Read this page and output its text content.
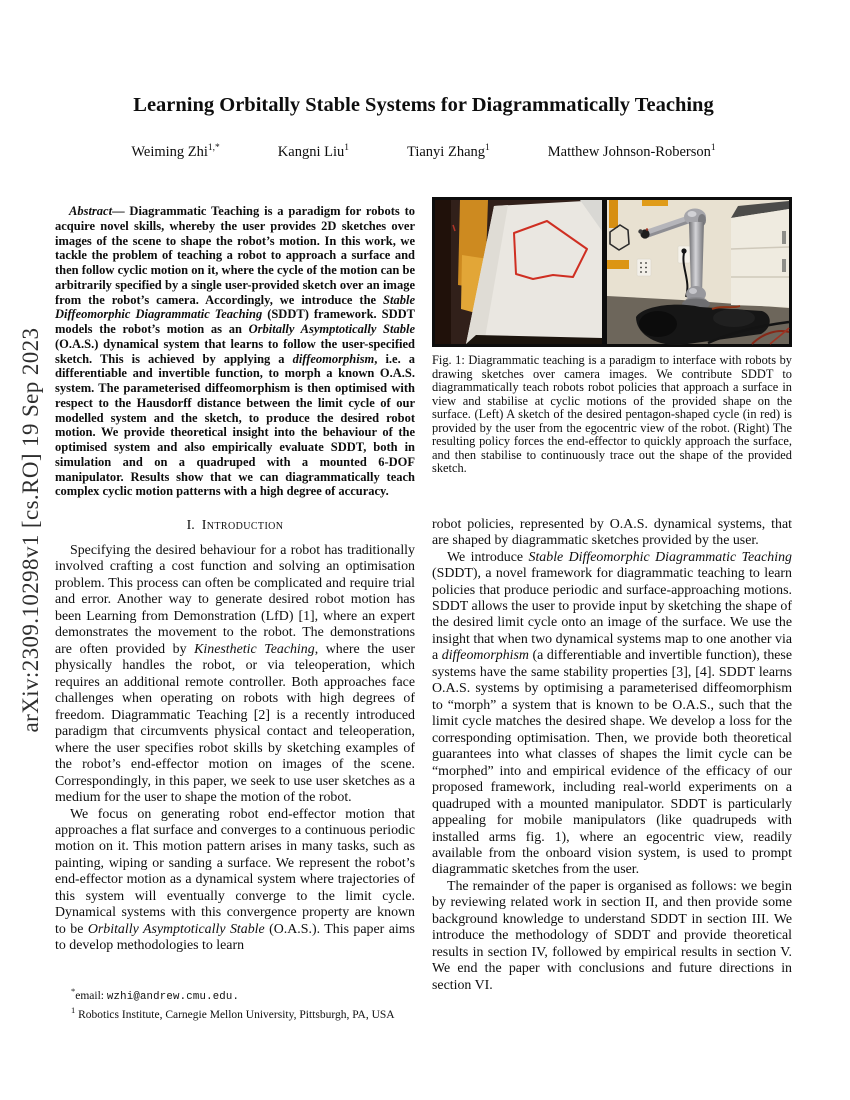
arXiv:2309.10298v1 [cs.RO] 19 Sep 2023
Learning Orbitally Stable Systems for Diagrammatically Teaching
Weiming Zhi$^{1,*}$	Kangni Liu$^1$	Tianyi Zhang$^1$	Matthew Johnson-Roberson$^1$

Abstract— Diagrammatic Teaching is a paradigm for robots to acquire novel skills, whereby the user provides 2D sketches over images of the scene to shape the robot’s motion. In this work, we tackle the problem of teaching a robot to approach a surface and then follow cyclic motion on it, where the cycle of the motion can be arbitrarily specified by a single user-provided sketch over an image from the robot’s camera. Accordingly, we introduce the Stable Diffeomorphic Diagrammatic Teaching (SDDT) framework. SDDT models the robot’s motion as an Orbitally Asymptotically Stable (O.A.S.) dynamical system that learns to follow the user-specified sketch. This is achieved by applying a diffeomorphism, i.e. a differentiable and invertible function, to morph a known O.A.S. system. The parameterised diffeomorphism is then optimised with respect to the Hausdorff distance between the limit cycle of our modelled system and the sketch, to produce the desired robot motion. We provide theoretical insight into the behaviour of the optimised system and also empirically evaluate SDDT, both in simulation and on a quadruped with a mounted 6-DOF manipulator. Results show that we can diagrammatically teach complex cyclic motion patterns with a high degree of accuracy.

I. Introduction

Specifying the desired behaviour for a robot has traditionally involved crafting a cost function and solving an optimisation problem. This process can often be complicated and require trial and error. Another way to generate desired robot motion has been Learning from Demonstration (LfD) [1], where an expert demonstrates the movement to the robot. The demonstrations are often provided by Kinesthetic Teaching, where the user physically handles the robot, or via teleoperation, which requires an additional remote controller. Both approaches face challenges when operating on robots with high degrees of freedom. Diagrammatic Teaching [2] is a recently introduced paradigm that circumvents physical contact and teleoperation, where the user specifies robot skills by sketching examples of the robot’s end-effector motion on images of the scene. Correspondingly, in this paper, we seek to use user sketches as a medium for the user to shape the motion of the robot.

We focus on generating robot end-effector motion that approaches a flat surface and converges to a continuous periodic motion on it. This motion pattern arises in many tasks, such as painting, wiping or sanding a surface. We represent the robot’s end-effector motion as a dynamical system where trajectories of this system will eventually converge to the limit cycle. Dynamical systems with this convergence property are known to be Orbitally Asymptotically Stable (O.A.S.). This paper aims to develop methodologies to learn

Fig. 1: Diagrammatic teaching is a paradigm to interface with robots by drawing sketches over camera images. We contribute SDDT to diagrammatically teach robots robot policies that approach a surface in view and stabilise at cyclic motions of the provided shape on the surface. (Left) A sketch of the desired pentagon-shaped cycle (in red) is provided by the user from the egocentric view of the robot. (Right) The resulting policy forces the end-effector to quickly approach the surface, and then stabilise to continuously trace out the shape of the provided sketch.

robot policies, represented by O.A.S. dynamical systems, that are shaped by diagrammatic sketches provided by the user.

We introduce Stable Diffeomorphic Diagrammatic Teaching (SDDT), a novel framework for diagrammatic teaching to learn policies that produce periodic and surface-approaching motions. SDDT allows the user to provide input by sketching the shape of the desired limit cycle onto an image of the surface. We use the insight that when two dynamical systems map to one another via a diffeomorphism (a differentiable and invertible function), these systems have the same stability properties [3], [4]. SDDT learns O.A.S. systems by optimising a parameterised diffeomorphism to “morph” a system that is known to be O.A.S., such that the limit cycle matches the desired shape. We develop a loss for the corresponding optimisation. Then, we provide both theoretical guarantees into what classes of shapes the limit cycle can be “morphed” into and empirical evidence of the efficacy of our proposed framework, including real-world experiments on a quadruped with a mounted manipulator. SDDT is particularly appealing for mobile manipulators (like quadrupeds with installed arms fig. 1), where an egocentric view, readily available from the onboard vision system, is used to prompt diagrammatic sketches from the user.

The remainder of the paper is organised as follows: we begin by reviewing related work in section II, and then provide some background knowledge to understand SDDT in section III. We introduce the methodology of SDDT and provide theoretical results in section IV, followed by empirical results in section V. We end the paper with conclusions and future directions in section VI.

*email: wzhi@andrew.cmu.edu.
$^1$ Robotics Institute, Carnegie Mellon University, Pittsburgh, PA, USA
